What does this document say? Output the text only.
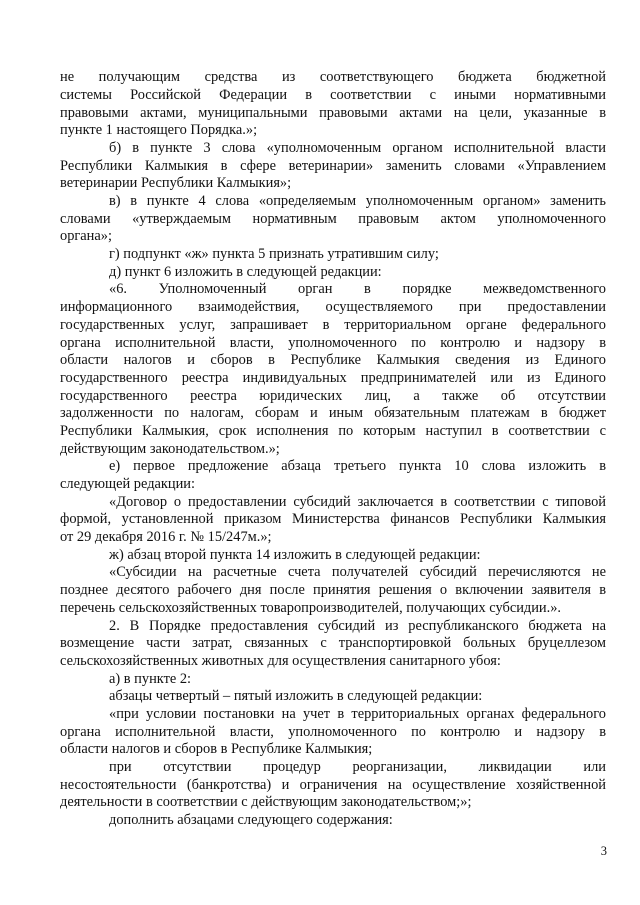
не получающим средства из соответствующего бюджета бюджетной
системы Российской Федерации в соответствии с иными нормативными
правовыми актами, муниципальными правовыми актами на цели, указанные в
пункте 1 настоящего Порядка.»;
б) в пункте 3 слова «уполномоченным органом исполнительной власти
Республики Калмыкия в сфере ветеринарии» заменить словами «Управлением
ветеринарии Республики Калмыкия»;
в) в пункте 4 слова «определяемым уполномоченным органом» заменить
словами «утверждаемым нормативным правовым актом уполномоченного
органа»;
г) подпункт «ж» пункта 5 признать утратившим силу;
д) пункт 6 изложить в следующей редакции:
«6. Уполномоченный орган в порядке межведомственного
информационного взаимодействия, осуществляемого при предоставлении
государственных услуг, запрашивает в территориальном органе федерального
органа исполнительной власти, уполномоченного по контролю и надзору в
области налогов и сборов в Республике Калмыкия сведения из Единого
государственного реестра индивидуальных предпринимателей или из Единого
государственного реестра юридических лиц, а также об отсутствии
задолженности по налогам, сборам и иным обязательным платежам в бюджет
Республики Калмыкия, срок исполнения по которым наступил в соответствии с
действующим законодательством.»;
е) первое предложение абзаца третьего пункта 10 слова изложить в
следующей редакции:
«Договор о предоставлении субсидий заключается в соответствии с типовой
формой, установленной приказом Министерства финансов Республики Калмыкия
от 29 декабря 2016 г. № 15/247м.»;
ж) абзац второй пункта 14 изложить в следующей редакции:
«Субсидии на расчетные счета получателей субсидий перечисляются не
позднее десятого рабочего дня после принятия решения о включении заявителя в
перечень сельскохозяйственных товаропроизводителей, получающих субсидии.».
2. В Порядке предоставления субсидий из республиканского бюджета на
возмещение части затрат, связанных с транспортировкой больных бруцеллезом
сельскохозяйственных животных для осуществления санитарного убоя:
а) в пункте 2:
абзацы четвертый – пятый изложить в следующей редакции:
«при условии постановки на учет в территориальных органах федерального
органа исполнительной власти, уполномоченного по контролю и надзору в
области налогов и сборов в Республике Калмыкия;
при отсутствии процедур реорганизации, ликвидации или
несостоятельности (банкротства) и ограничения на осуществление хозяйственной
деятельности в соответствии с действующим законодательством;»;
дополнить абзацами следующего содержания:
3
